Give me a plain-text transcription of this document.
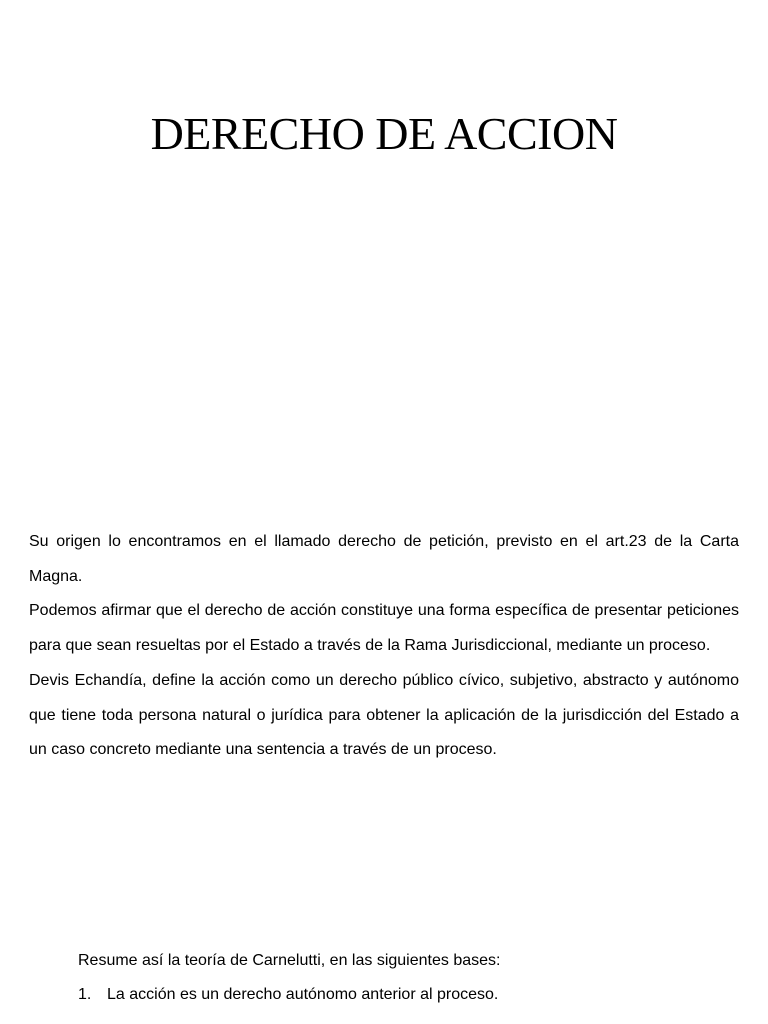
DERECHO DE ACCION

Su origen lo encontramos en el llamado derecho de petición, previsto en el art.23 de la Carta Magna.

Podemos afirmar que el derecho de acción constituye una forma específica de presentar peticiones para que sean resueltas por el Estado a través de la Rama Jurisdiccional, mediante un proceso.

Devis Echandía, define la acción como un derecho público cívico, subjetivo, abstracto y autónomo que tiene toda persona natural o jurídica para obtener la aplicación de la jurisdicción del Estado a un caso concreto mediante una sentencia a través de un proceso.

Resume así la teoría de Carnelutti, en las siguientes bases:

1. La acción es un derecho autónomo anterior al proceso.
